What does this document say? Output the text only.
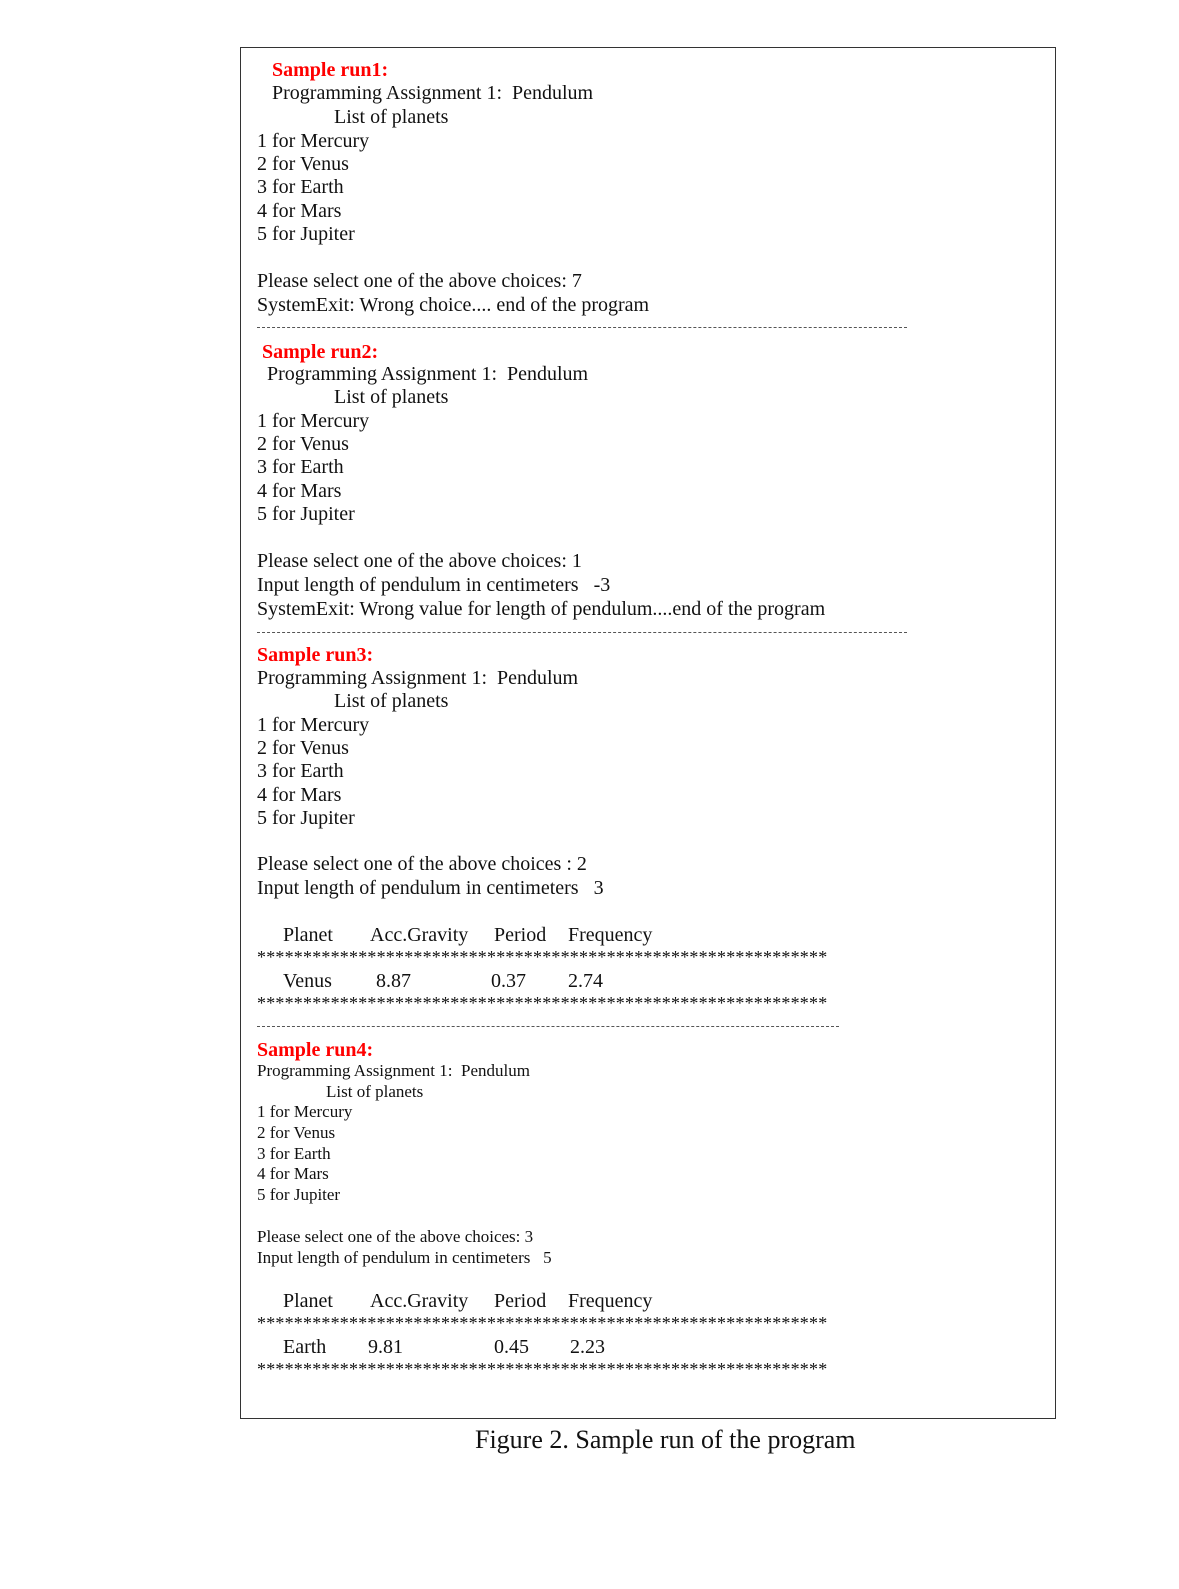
Sample run1:
Programming Assignment 1:  Pendulum
List of planets
1 for Mercury
2 for Venus
3 for Earth
4 for Mars
5 for Jupiter
Please select one of the above choices: 7
SystemExit: Wrong choice.... end of the program
Sample run2:
Programming Assignment 1:  Pendulum
List of planets
1 for Mercury
2 for Venus
3 for Earth
4 for Mars
5 for Jupiter
Please select one of the above choices: 1
Input length of pendulum in centimeters   -3
SystemExit: Wrong value for length of pendulum....end of the program
Sample run3:
Programming Assignment 1:  Pendulum
List of planets
1 for Mercury
2 for Venus
3 for Earth
4 for Mars
5 for Jupiter
Please select one of the above choices : 2
Input length of pendulum in centimeters   3
Planet Acc.Gravity Period Frequency
**************************************************************
Venus 8.87	0.37 2.74
**************************************************************
Sample run4:
Programming Assignment 1:  Pendulum
List of planets
1 for Mercury
2 for Venus
3 for Earth
4 for Mars
5 for Jupiter
Please select one of the above choices: 3
Input length of pendulum in centimeters   5
Planet Acc.Gravity Period Frequency
**************************************************************
Earth 9.81	0.45 2.23
**************************************************************
Figure 2. Sample run of the program
